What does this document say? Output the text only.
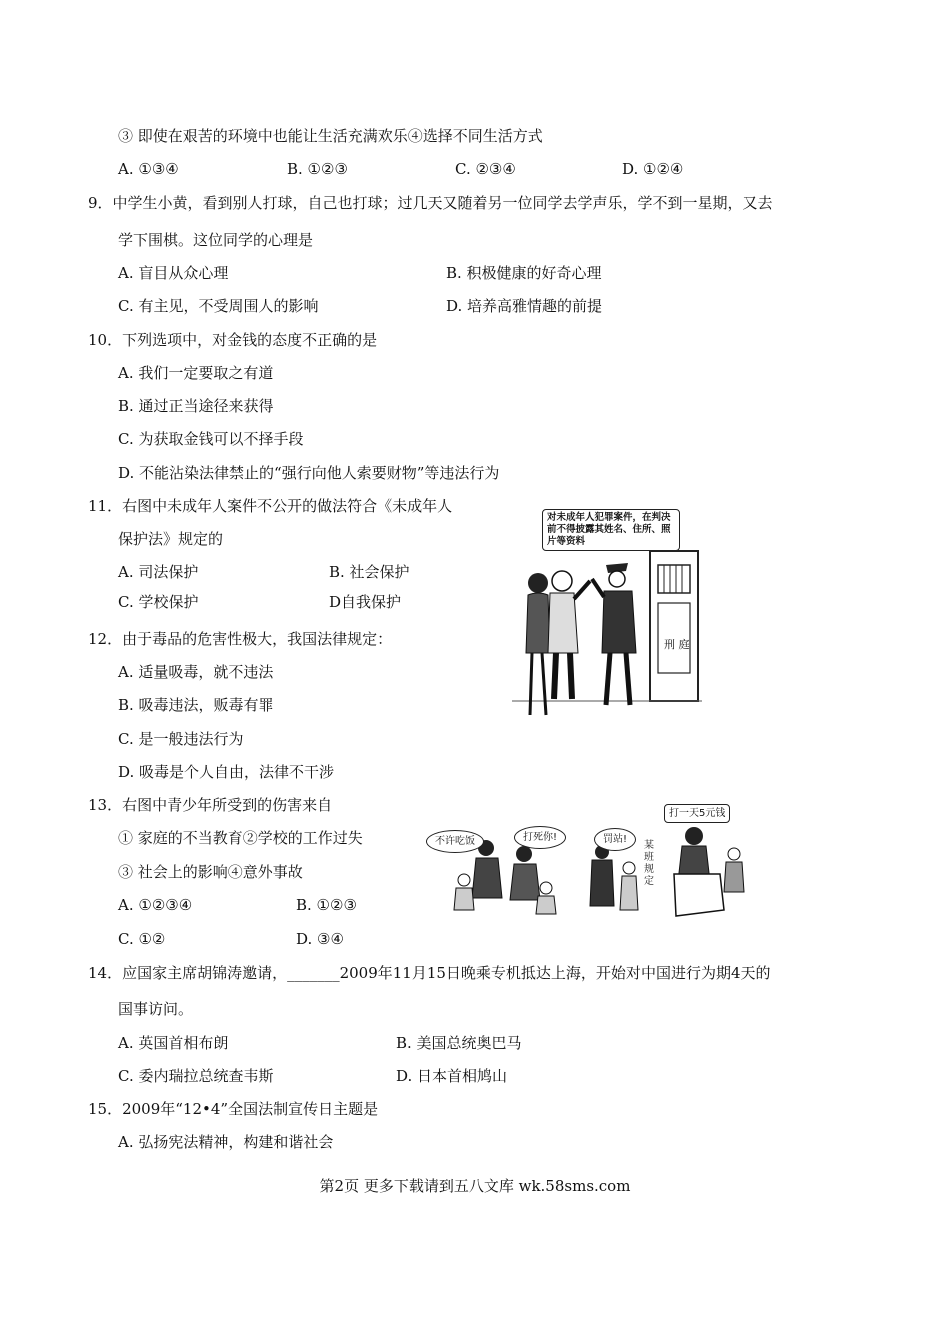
③ 即使在艰苦的环境中也能让生活充满欢乐④选择不同生活方式
A. ①③④	B. ①②③	C. ②③④	D. ①②④
9．中学生小黄，看到别人打球，自己也打球；过几天又随着另一位同学去学声乐，学不到一星期，又去
学下围棋。这位同学的心理是
A. 盲目从众心理	B. 积极健康的好奇心理
C. 有主见，不受周围人的影响	D. 培养高雅情趣的前提
10．下列选项中，对金钱的态度不正确的是
A. 我们一定要取之有道
B. 通过正当途径来获得
C. 为获取金钱可以不择手段
D. 不能沾染法律禁止的“强行向他人索要财物”等违法行为
11．右图中未成年人案件不公开的做法符合《未成年人
保护法》规定的
A. 司法保护	B. 社会保护
C. 学校保护	D自我保护
对未成年人犯罪案件，在判决前不得披露其姓名、住所、照片等资料
刑 庭
12．由于毒品的危害性极大，我国法律规定：
A. 适量吸毒，就不违法
B. 吸毒违法，贩毒有罪
C. 是一般违法行为
D. 吸毒是个人自由，法律不干涉
13．右图中青少年所受到的伤害来自
① 家庭的不当教育②学校的工作过失
③ 社会上的影响④意外事故
A. ①②③④	B. ①②③
C. ①②	D. ③④
不许吃饭	打死你!	罚站!
打一天5元钱
某班规定
14．应国家主席胡锦涛邀请，_______2009年11月15日晚乘专机抵达上海，开始对中国进行为期4天的
国事访问。
A. 英国首相布朗	B. 美国总统奥巴马
C. 委内瑞拉总统查韦斯	D. 日本首相鸠山
15．2009年“12•4”全国法制宣传日主题是
A. 弘扬宪法精神，构建和谐社会
第2页 更多下载请到五八文库 wk.58sms.com
